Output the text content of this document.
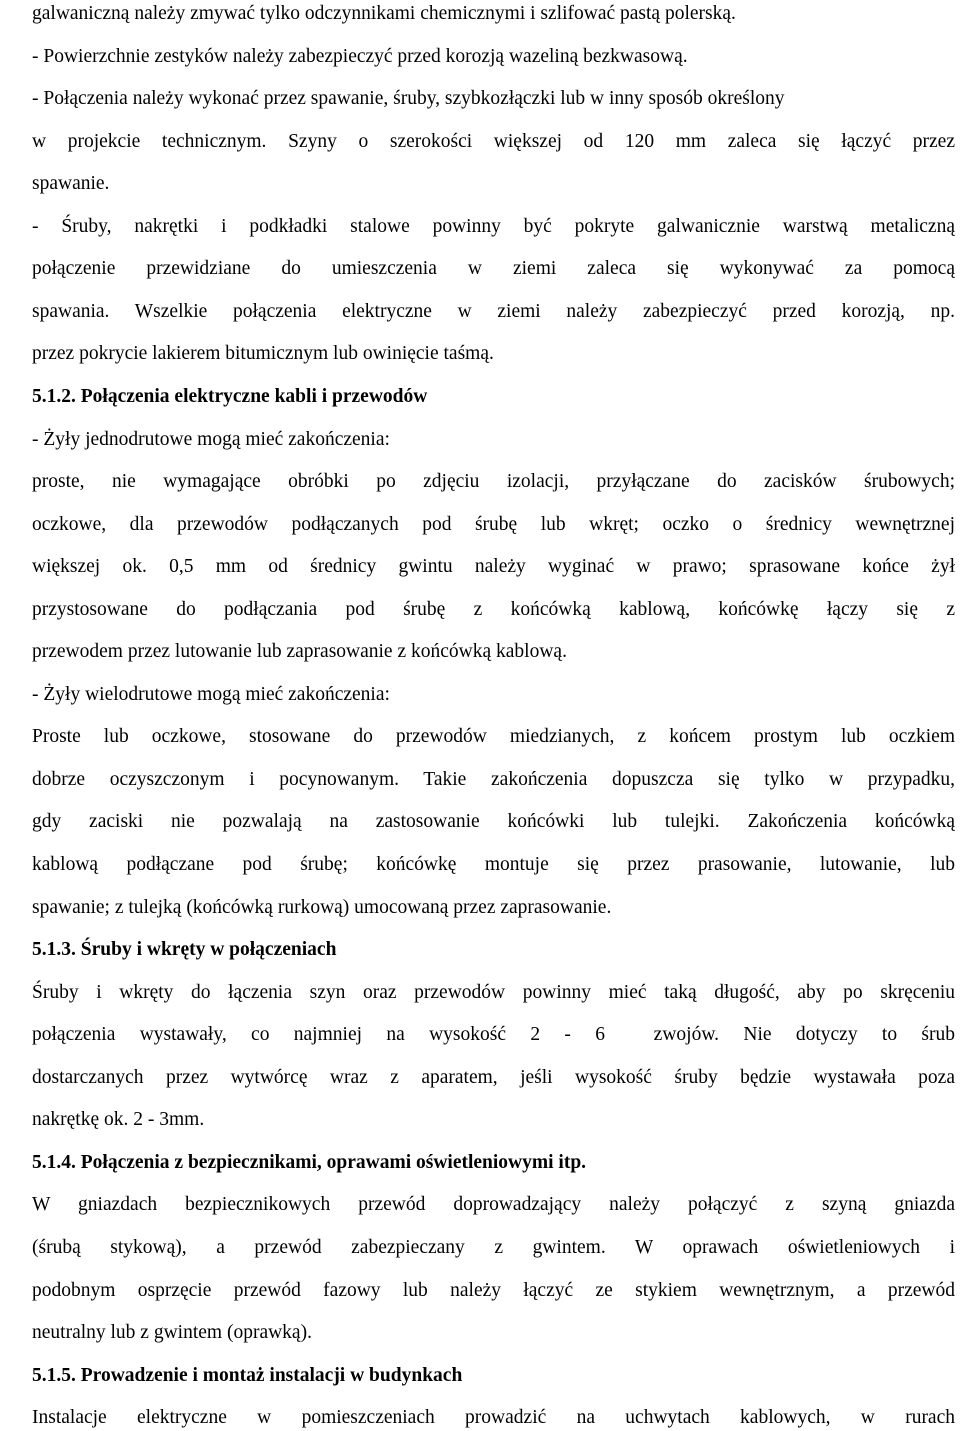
galwaniczną należy zmywać tylko odczynnikami chemicznymi i szlifować pastą polerską.
- Powierzchnie zestyków należy zabezpieczyć przed korozją wazeliną bezkwasową.
- Połączenia należy wykonać przez spawanie, śruby, szybkozłączki lub w inny sposób określony
w projekcie technicznym. Szyny o szerokości większej od 120 mm zaleca się łączyć przez
spawanie.
- Śruby, nakrętki i podkładki stalowe powinny być pokryte galwanicznie warstwą metaliczną
połączenie przewidziane do umieszczenia w ziemi zaleca się wykonywać za pomocą
spawania. Wszelkie połączenia elektryczne w ziemi należy zabezpieczyć przed korozją, np.
przez pokrycie lakierem bitumicznym lub owinięcie taśmą.
5.1.2. Połączenia elektryczne kabli i przewodów
- Żyły jednodrutowe mogą mieć zakończenia:
proste, nie wymagające obróbki po zdjęciu izolacji, przyłączane do zacisków śrubowych;
oczkowe, dla przewodów podłączanych pod śrubę lub wkręt; oczko o średnicy wewnętrznej
większej ok. 0,5 mm od średnicy gwintu należy wyginać w prawo; sprasowane końce żył
przystosowane do podłączania pod śrubę z końcówką kablową, końcówkę łączy się z
przewodem przez lutowanie lub zaprasowanie z końcówką kablową.
- Żyły wielodrutowe mogą mieć zakończenia:
Proste lub oczkowe, stosowane do przewodów miedzianych, z końcem prostym lub oczkiem
dobrze oczyszczonym i pocynowanym. Takie zakończenia dopuszcza się tylko w przypadku,
gdy zaciski nie pozwalają na zastosowanie końcówki lub tulejki. Zakończenia końcówką
kablową podłączane pod śrubę; końcówkę montuje się przez prasowanie, lutowanie, lub
spawanie; z tulejką (końcówką rurkową) umocowaną przez zaprasowanie.
5.1.3. Śruby i wkręty w połączeniach
Śruby i wkręty do łączenia szyn oraz przewodów powinny mieć taką długość, aby po skręceniu
połączenia wystawały, co najmniej na wysokość 2 - 6  zwojów. Nie dotyczy to śrub
dostarczanych przez wytwórcę wraz z aparatem, jeśli wysokość śruby będzie wystawała poza
nakrętkę ok. 2 - 3mm.
5.1.4. Połączenia z bezpiecznikami, oprawami oświetleniowymi itp.
W gniazdach bezpiecznikowych przewód doprowadzający należy połączyć z szyną gniazda
(śrubą stykową), a przewód zabezpieczany z gwintem. W oprawach oświetleniowych i
podobnym osprzęcie przewód fazowy lub należy łączyć ze stykiem wewnętrznym, a przewód
neutralny lub z gwintem (oprawką).
5.1.5. Prowadzenie i montaż instalacji w budynkach
Instalacje elektryczne w pomieszczeniach prowadzić na uchwytach kablowych, w rurach
